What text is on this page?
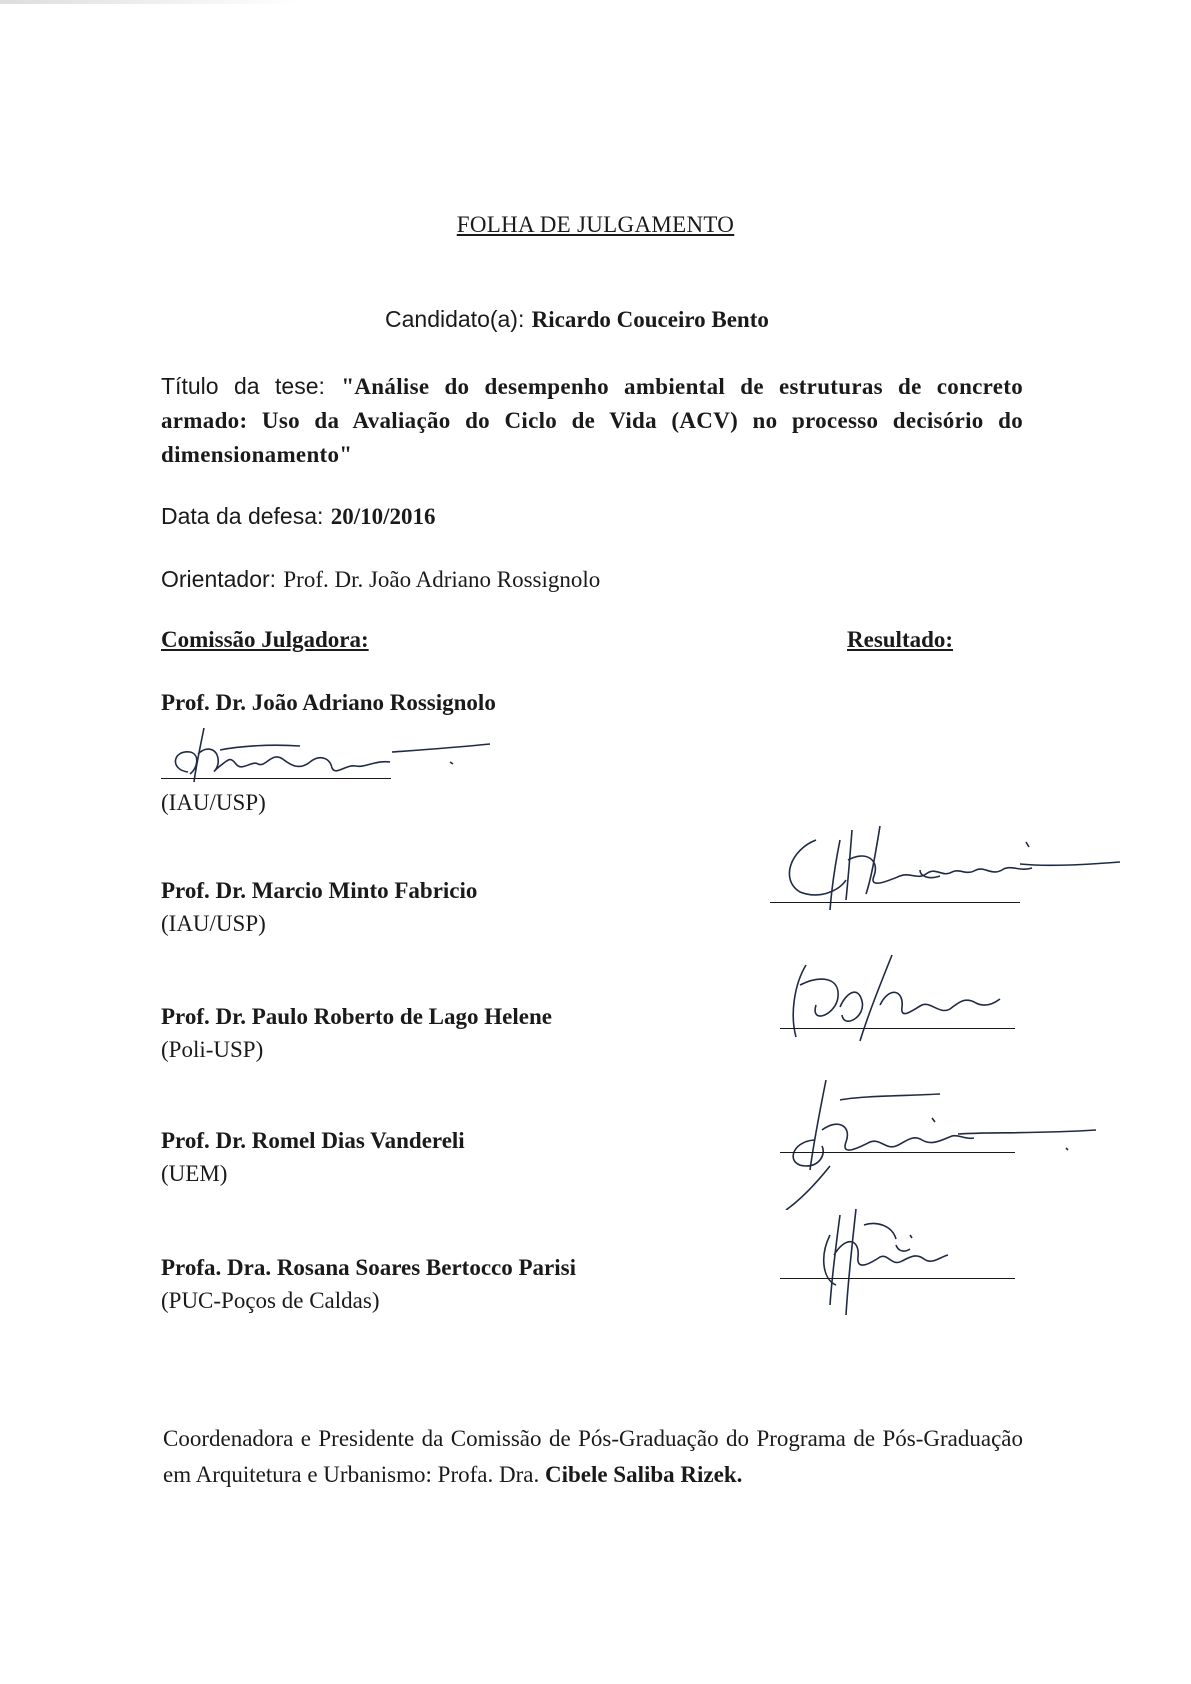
FOLHA DE JULGAMENTO
Candidato(a): Ricardo Couceiro Bento
Título da tese: "Análise do desempenho ambiental de estruturas de concreto armado: Uso da Avaliação do Ciclo de Vida (ACV) no processo decisório do dimensionamento"
Data da defesa: 20/10/2016
Orientador: Prof. Dr. João Adriano Rossignolo
Comissão Julgadora:	Resultado:
Prof. Dr. João Adriano Rossignolo
(IAU/USP)
Prof. Dr. Marcio Minto Fabricio
(IAU/USP)
Prof. Dr. Paulo Roberto de Lago Helene
(Poli-USP)
Prof. Dr. Romel Dias Vandereli
(UEM)
Profa. Dra. Rosana Soares Bertocco Parisi
(PUC-Poços de Caldas)
Coordenadora e Presidente da Comissão de Pós-Graduação do Programa de Pós-Graduação em Arquitetura e Urbanismo: Profa. Dra. Cibele Saliba Rizek.
